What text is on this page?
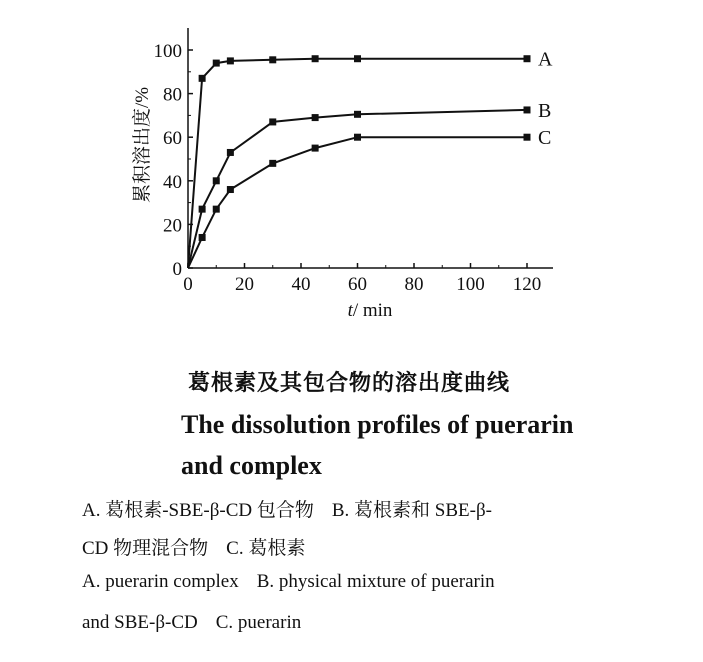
0
20
40
60
80
100
0 20 40 60 80 100 120
A
B
C
累积溶出度/%
t/ min

葛根素及其包合物的溶出度曲线

The dissolution profiles of puerarin and complex

A. 葛根素-SBE-β-CD 包合物 B. 葛根素和 SBE-β-

CD 物理混合物 C. 葛根素

A. puerarin complex B. physical mixture of puerarin

and SBE-β-CD C. puerarin
